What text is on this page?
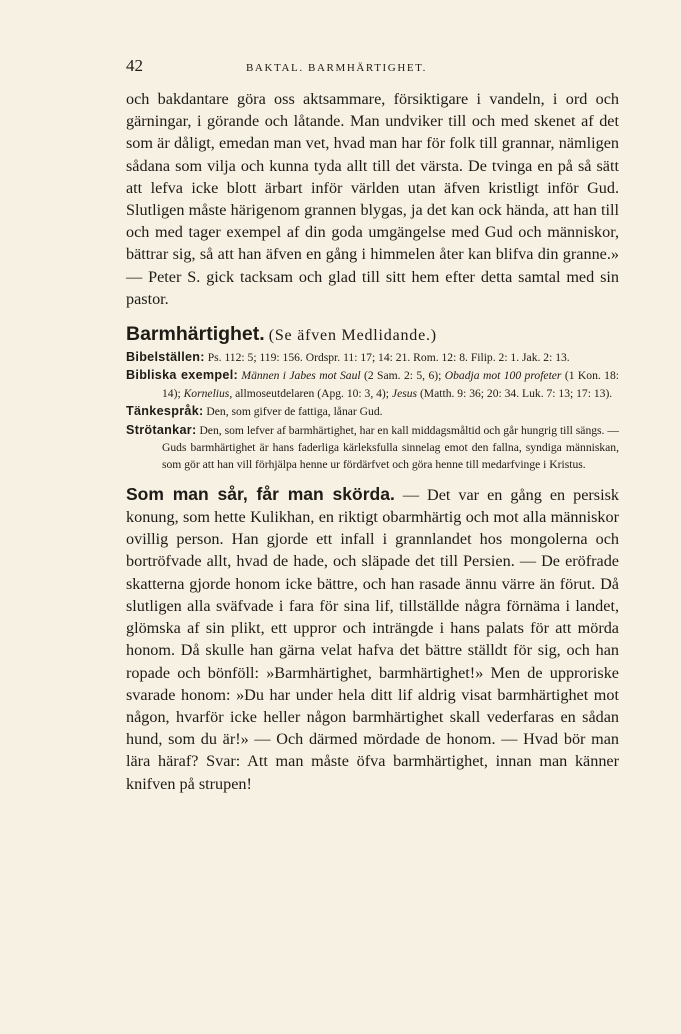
42	BAKTAL. BARMHÄRTIGHET.

och bakdantare göra oss aktsammare, försiktigare i vandeln, i ord och gärningar, i görande och låtande. Man undviker till och med skenet af det som är dåligt, emedan man vet, hvad man har för folk till grannar, nämligen sådana som vilja och kunna tyda allt till det värsta. De tvinga en på så sätt att lefva icke blott ärbart inför världen utan äfven kristligt inför Gud. Slutligen måste härigenom grannen blygas, ja det kan ock hända, att han till och med tager exempel af din goda umgängelse med Gud och människor, bättrar sig, så att han äfven en gång i himmelen åter kan blifva din granne.» — Peter S. gick tacksam och glad till sitt hem efter detta samtal med sin pastor.

Barmhärtighet. (Se äfven Medlidande.)

Bibelställen: Ps. 112: 5; 119: 156. Ordspr. 11: 17; 14: 21. Rom. 12: 8. Filip. 2: 1. Jak. 2: 13.

Bibliska exempel: Männen i Jabes mot Saul (2 Sam. 2: 5, 6); Obadja mot 100 profeter (1 Kon. 18: 14); Kornelius, allmoseutdelaren (Apg. 10: 3, 4); Jesus (Matth. 9: 36; 20: 34. Luk. 7: 13; 17: 13).

Tänkespråk: Den, som gifver de fattiga, lånar Gud.

Strötankar: Den, som lefver af barmhärtighet, har en kall middagsmåltid och går hungrig till sängs. — Guds barmhärtighet är hans faderliga kärleksfulla sinnelag emot den fallna, syndiga människan, som gör att han vill förhjälpa henne ur fördärfvet och göra henne till medarfvinge i Kristus.

Som man sår, får man skörda. — Det var en gång en persisk konung, som hette Kulikhan, en riktigt obarmhärtig och mot alla människor ovillig person. Han gjorde ett infall i grannlandet hos mongolerna och bortröfvade allt, hvad de hade, och släpade det till Persien. — De eröfrade skatterna gjorde honom icke bättre, och han rasade ännu värre än förut. Då slutligen alla sväfvade i fara för sina lif, tillställde några förnäma i landet, glömska af sin plikt, ett uppror och inträngde i hans palats för att mörda honom. Då skulle han gärna velat hafva det bättre ställdt för sig, och han ropade och bönföll: »Barmhärtighet, barmhärtighet!» Men de upproriske svarade honom: »Du har under hela ditt lif aldrig visat barmhärtighet mot någon, hvarför icke heller någon barmhärtighet skall vederfaras en sådan hund, som du är!» — Och därmed mördade de honom. — Hvad bör man lära häraf? Svar: Att man måste öfva barmhärtighet, innan man känner knifven på strupen!
